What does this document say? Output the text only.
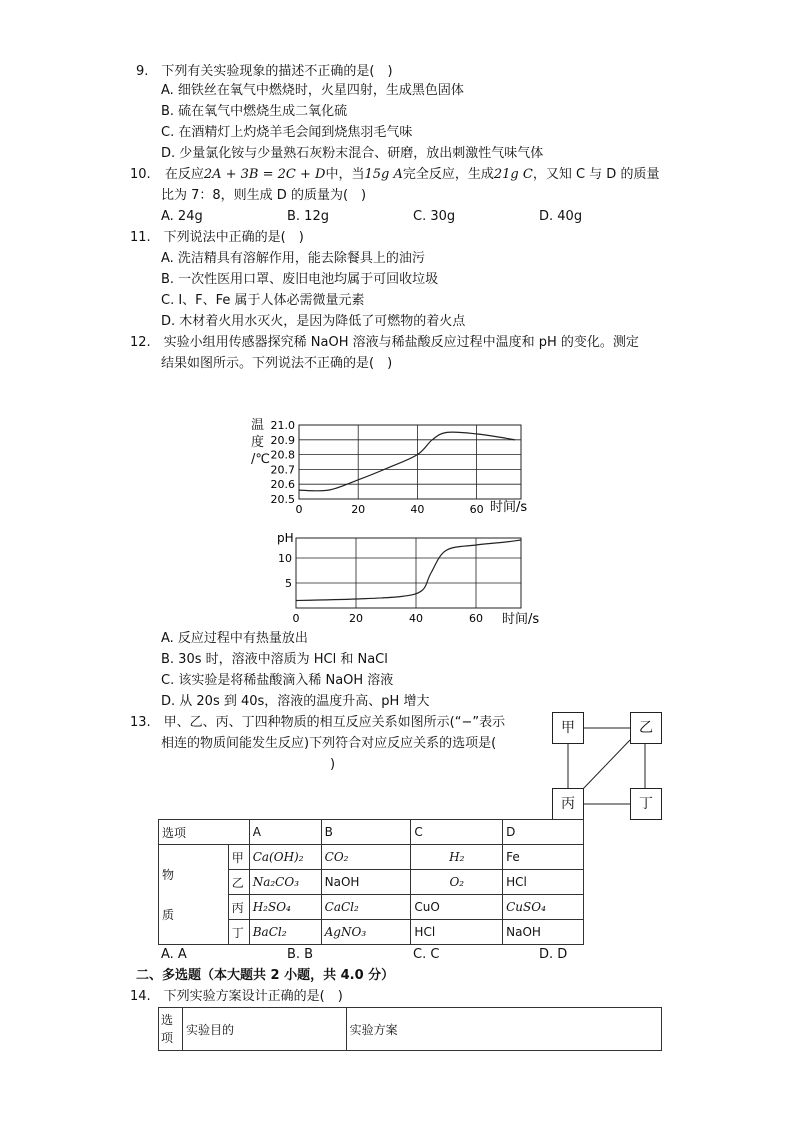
9.　下列有关实验现象的描述不正确的是(　)
A. 细铁丝在氧气中燃烧时，火星四射，生成黑色固体
B. 硫在氧气中燃烧生成二氧化硫
C. 在酒精灯上灼烧羊毛会闻到烧焦羽毛气味
D. 少量氯化铵与少量熟石灰粉末混合、研磨，放出刺激性气味气体
10. 在反应2A + 3B = 2C + D中，当15g A完全反应，生成21g C，又知 C 与 D 的质量
比为 7：8，则生成 D 的质量为(　)
A. 24g	B. 12g	C. 30g	D. 40g
11.　下列说法中正确的是(　)
A. 洗洁精具有溶解作用，能去除餐具上的油污
B. 一次性医用口罩、废旧电池均属于可回收垃圾
C. I、F、Fe 属于人体必需微量元素
D. 木材着火用水灭火，是因为降低了可燃物的着火点
12.　实验小组用传感器探究稀 NaOH 溶液与稀盐酸反应过程中温度和 pH 的变化。测定
结果如图所示。下列说法不正确的是(　)
21.0
20.9
20.8
20.7
20.6
20.5
0	20	40	60 时间/s
温
度
/℃
pH
10
5
0	20	40	60 时间/s
A. 反应过程中有热量放出
B. 30s 时，溶液中溶质为 HCl 和 NaCl
C. 该实验是将稀盐酸滴入稀 NaOH 溶液
D. 从 20s 到 40s，溶液的温度升高、pH 增大
13.　甲、乙、丙、丁四种物质的相互反应关系如图所示(“−”表示
相连的物质间能发生反应)下列符合对应反应关系的选项是(
)
甲	乙
丙	丁
选项		A	B	C	D

物
质	甲	Ca(OH)₂	CO₂	H₂	Fe
	乙	Na₂CO₃	NaOH	O₂	HCl
	丙	H₂SO₄	CaCl₂	CuO	CuSO₄
	丁	BaCl₂	AgNO₃	HCl	NaOH
A. A	B. B	C. C	D. D
二、多选题（本大题共 2 小题，共 4.0 分）
14.　下列实验方案设计正确的是(　)
选
项
	实验目的	实验方案
